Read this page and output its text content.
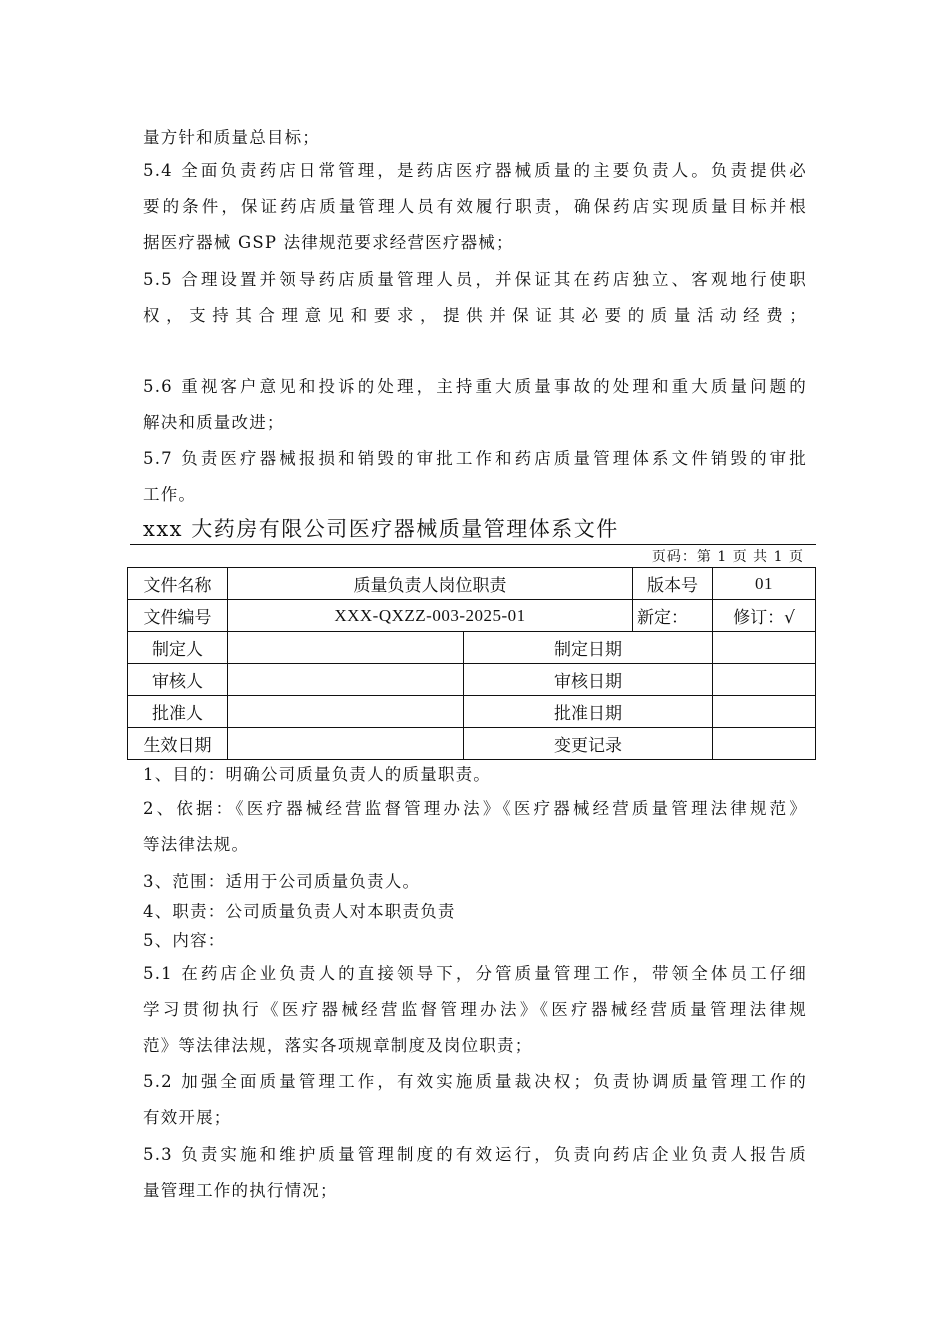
量方针和质量总目标；
5.4 全面负责药店日常管理，是药店医疗器械质量的主要负责人。负责提供必
要的条件，保证药店质量管理人员有效履行职责，确保药店实现质量目标并根
据医疗器械 GSP 法律规范要求经营医疗器械；
5.5 合理设置并领导药店质量管理人员，并保证其在药店独立、客观地行使职
权，支持其合理意见和要求，提供并保证其必要的质量活动经费；
5.6 重视客户意见和投诉的处理，主持重大质量事故的处理和重大质量问题的
解决和质量改进；
5.7 负责医疗器械报损和销毁的审批工作和药店质量管理体系文件销毁的审批
工作。
xxx 大药房有限公司医疗器械质量管理体系文件
页码：第 1 页 共 1 页
文件名称	质量负责人岗位职责		版本号	01
文件编号	XXX-QXZZ-003-2025-01		新定：	修订：√
制定人		制定日期		
审核人		审核日期		
批准人		批准日期		
生效日期		变更记录		
1、目的：明确公司质量负责人的质量职责。
2、依据：《医疗器械经营监督管理办法》《医疗器械经营质量管理法律规范》
等法律法规。
3、范围：适用于公司质量负责人。
4、职责：公司质量负责人对本职责负责
5、内容：
5.1 在药店企业负责人的直接领导下，分管质量管理工作，带领全体员工仔细
学习贯彻执行《医疗器械经营监督管理办法》《医疗器械经营质量管理法律规
范》等法律法规，落实各项规章制度及岗位职责；
5.2 加强全面质量管理工作，有效实施质量裁决权；负责协调质量管理工作的
有效开展；
5.3 负责实施和维护质量管理制度的有效运行，负责向药店企业负责人报告质
量管理工作的执行情况；
